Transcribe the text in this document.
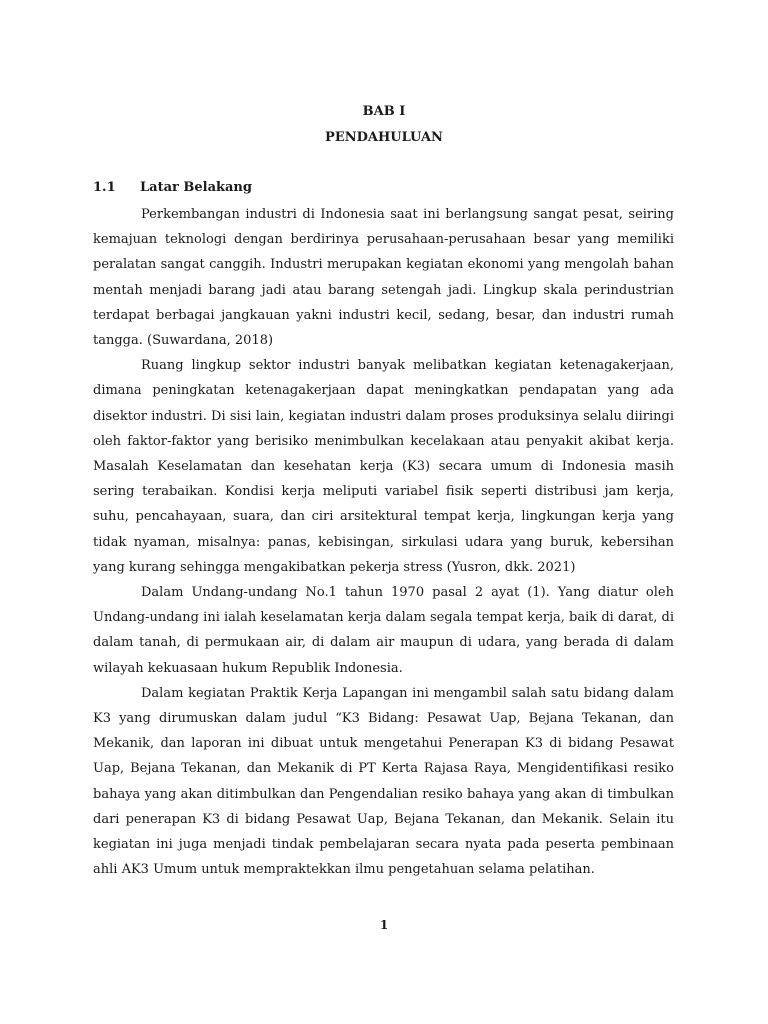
BAB I
PENDAHULUAN
1.1 Latar Belakang

Perkembangan industri di Indonesia saat ini berlangsung sangat pesat, seiring kemajuan teknologi dengan berdirinya perusahaan-perusahaan besar yang memiliki peralatan sangat canggih. Industri merupakan kegiatan ekonomi yang mengolah bahan mentah menjadi barang jadi atau barang setengah jadi. Lingkup skala perindustrian terdapat berbagai jangkauan yakni industri kecil, sedang, besar, dan industri rumah tangga. (Suwardana, 2018)

Ruang lingkup sektor industri banyak melibatkan kegiatan ketenagakerjaan, dimana peningkatan ketenagakerjaan dapat meningkatkan pendapatan yang ada disektor industri. Di sisi lain, kegiatan industri dalam proses produksinya selalu diiringi oleh faktor-faktor yang berisiko menimbulkan kecelakaan atau penyakit akibat kerja. Masalah Keselamatan dan kesehatan kerja (K3) secara umum di Indonesia masih sering terabaikan. Kondisi kerja meliputi variabel fisik seperti distribusi jam kerja, suhu, pencahayaan, suara, dan ciri arsitektural tempat kerja, lingkungan kerja yang tidak nyaman, misalnya: panas, kebisingan, sirkulasi udara yang buruk, kebersihan yang kurang sehingga mengakibatkan pekerja stress (Yusron, dkk. 2021)

Dalam Undang-undang No.1 tahun 1970 pasal 2 ayat (1). Yang diatur oleh Undang-undang ini ialah keselamatan kerja dalam segala tempat kerja, baik di darat, di dalam tanah, di permukaan air, di dalam air maupun di udara, yang berada di dalam wilayah kekuasaan hukum Republik Indonesia.

Dalam kegiatan Praktik Kerja Lapangan ini mengambil salah satu bidang dalam K3 yang dirumuskan dalam judul “K3 Bidang: Pesawat Uap, Bejana Tekanan, dan Mekanik, dan laporan ini dibuat untuk mengetahui Penerapan K3 di bidang Pesawat Uap, Bejana Tekanan, dan Mekanik di PT Kerta Rajasa Raya, Mengidentifikasi resiko bahaya yang akan ditimbulkan dan Pengendalian resiko bahaya yang akan di timbulkan dari penerapan K3 di bidang Pesawat Uap, Bejana Tekanan, dan Mekanik. Selain itu kegiatan ini juga menjadi tindak pembelajaran secara nyata pada peserta pembinaan ahli AK3 Umum untuk mempraktekkan ilmu pengetahuan selama pelatihan.

1
